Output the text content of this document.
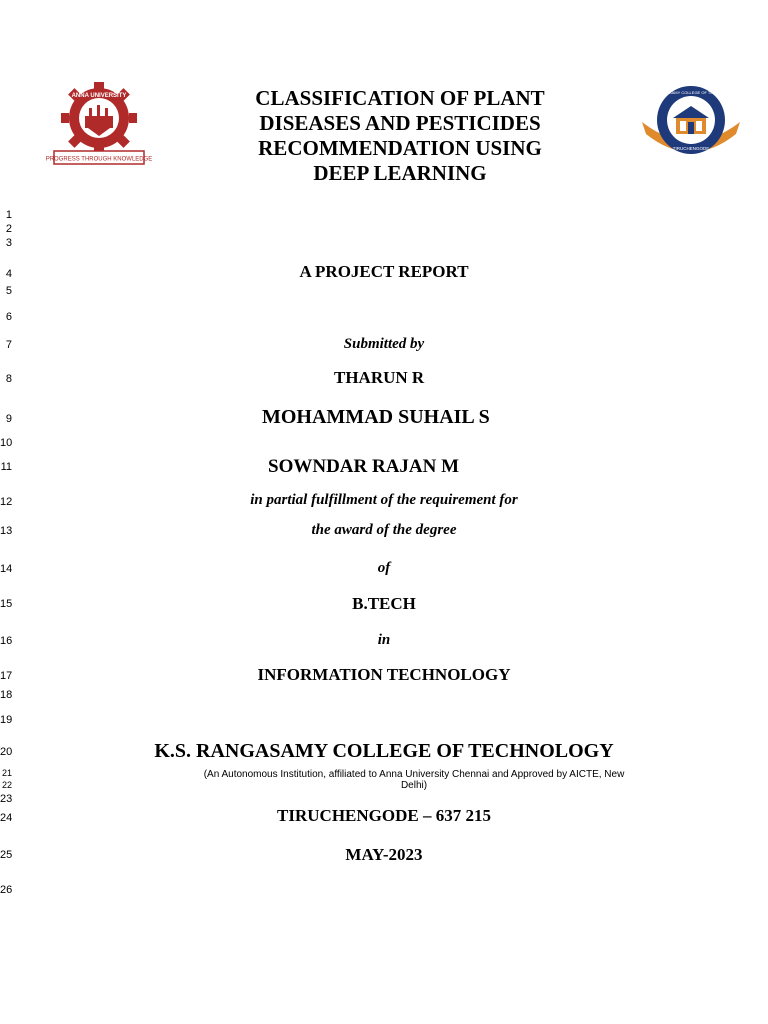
ANNA UNIVERSITY
PROGRESS THROUGH KNOWLEDGE
K.S. RANGASAMY COLLEGE OF TECHNOLOGY
TIRUCHENGODE
CLASSIFICATION OF PLANT
DISEASES AND PESTICIDES
RECOMMENDATION USING
DEEP LEARNING
1
2
3
4
5
6
7
8
9
10
11
12
13
14
15
16
17
18
19
20
21
22
23
24
25
26
A PROJECT REPORT
Submitted by
THARUN R
MOHAMMAD SUHAIL S
SOWNDAR RAJAN M
in partial fulfillment of the requirement for
the award of the degree
of
B.TECH
in
INFORMATION TECHNOLOGY
K.S. RANGASAMY COLLEGE OF TECHNOLOGY
(An Autonomous Institution, affiliated to Anna University Chennai and Approved by AICTE, New
Delhi)
TIRUCHENGODE – 637 215
MAY-2023
